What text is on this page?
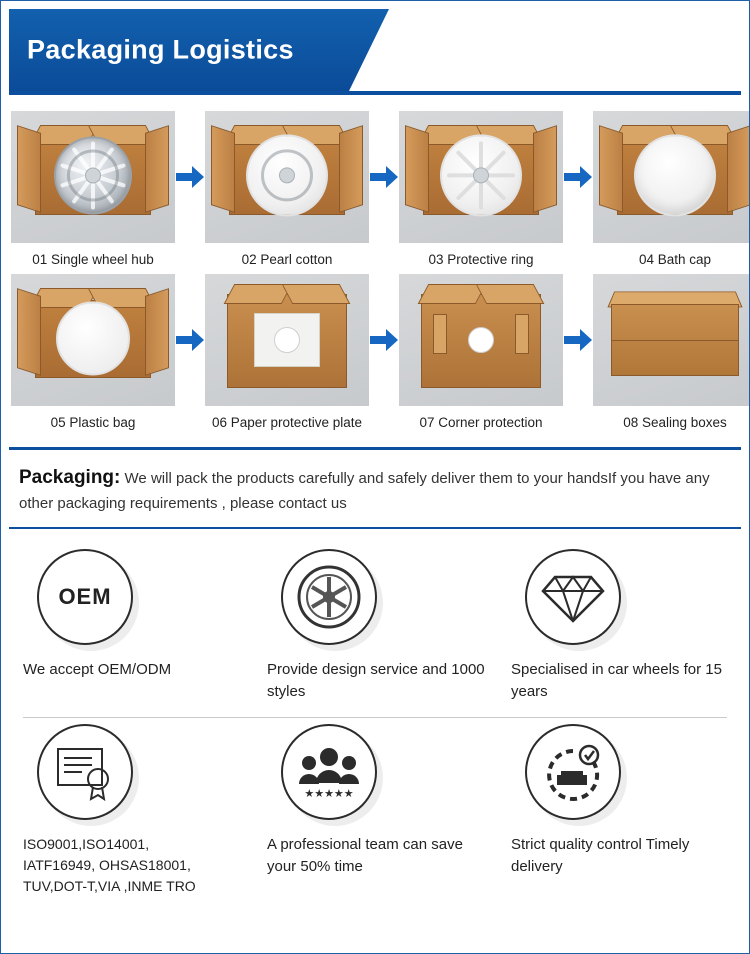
Packaging Logistics
01 Single wheel hub	02 Pearl cotton	03 Protective ring	04 Bath cap
05 Plastic bag	06 Paper protective plate	07 Corner protection	08 Sealing boxes
Packaging: We will pack the products carefully and safely deliver them to your handsIf you have any other packaging requirements , please contact us
OEM
We accept OEM/ODM	Provide design service and 1000 styles
Specialised in car wheels for 15 years
ISO9001,ISO14001,
IATF16949, OHSAS18001,
TUV,DOT-T,VIA ,INME TRO
★★★★★
A professional team can save your 50% time
Strict quality control Timely delivery
